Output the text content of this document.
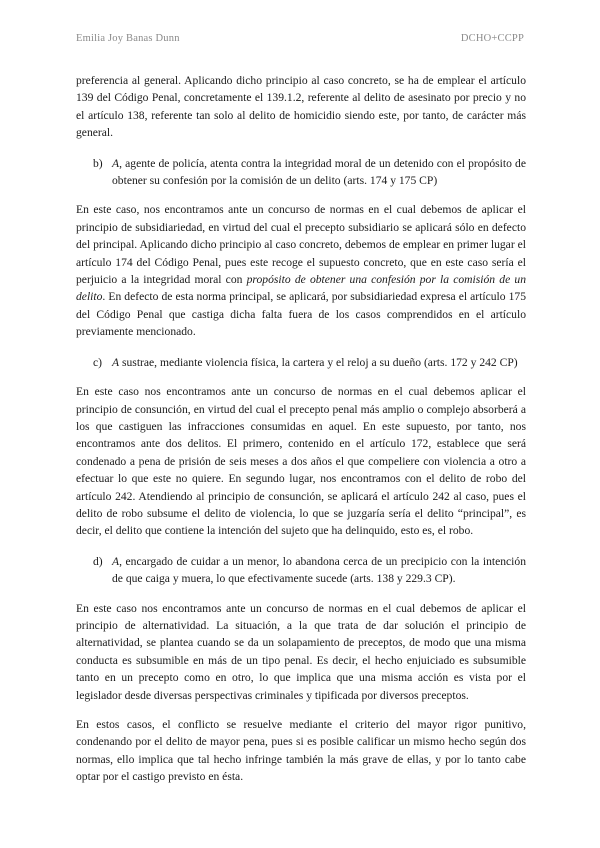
Emilia Joy Banas Dunn	DCHO+CCPP

preferencia al general. Aplicando dicho principio al caso concreto, se ha de emplear el artículo 139 del Código Penal, concretamente el 139.1.2, referente al delito de asesinato por precio y no el artículo 138, referente tan solo al delito de homicidio siendo este, por tanto, de carácter más general.

b) A, agente de policía, atenta contra la integridad moral de un detenido con el propósito de obtener su confesión por la comisión de un delito (arts. 174 y 175 CP)

En este caso, nos encontramos ante un concurso de normas en el cual debemos de aplicar el principio de subsidiariedad, en virtud del cual el precepto subsidiario se aplicará sólo en defecto del principal. Aplicando dicho principio al caso concreto, debemos de emplear en primer lugar el artículo 174 del Código Penal, pues este recoge el supuesto concreto, que en este caso sería el perjuicio a la integridad moral con propósito de obtener una confesión por la comisión de un delito. En defecto de esta norma principal, se aplicará, por subsidiariedad expresa el artículo 175 del Código Penal que castiga dicha falta fuera de los casos comprendidos en el artículo previamente mencionado.

c) A sustrae, mediante violencia física, la cartera y el reloj a su dueño (arts. 172 y 242 CP)

En este caso nos encontramos ante un concurso de normas en el cual debemos aplicar el principio de consunción, en virtud del cual el precepto penal más amplio o complejo absorberá a los que castiguen las infracciones consumidas en aquel. En este supuesto, por tanto, nos encontramos ante dos delitos. El primero, contenido en el artículo 172, establece que será condenado a pena de prisión de seis meses a dos años el que compeliere con violencia a otro a efectuar lo que este no quiere. En segundo lugar, nos encontramos con el delito de robo del artículo 242. Atendiendo al principio de consunción, se aplicará el artículo 242 al caso, pues el delito de robo subsume el delito de violencia, lo que se juzgaría sería el delito “principal”, es decir, el delito que contiene la intención del sujeto que ha delinquido, esto es, el robo.

d) A, encargado de cuidar a un menor, lo abandona cerca de un precipicio con la intención de que caiga y muera, lo que efectivamente sucede (arts. 138 y 229.3 CP).

En este caso nos encontramos ante un concurso de normas en el cual debemos de aplicar el principio de alternatividad. La situación, a la que trata de dar solución el principio de alternatividad, se plantea cuando se da un solapamiento de preceptos, de modo que una misma conducta es subsumible en más de un tipo penal. Es decir, el hecho enjuiciado es subsumible tanto en un precepto como en otro, lo que implica que una misma acción es vista por el legislador desde diversas perspectivas criminales y tipificada por diversos preceptos.

En estos casos, el conflicto se resuelve mediante el criterio del mayor rigor punitivo, condenando por el delito de mayor pena, pues si es posible calificar un mismo hecho según dos normas, ello implica que tal hecho infringe también la más grave de ellas, y por lo tanto cabe optar por el castigo previsto en ésta.
